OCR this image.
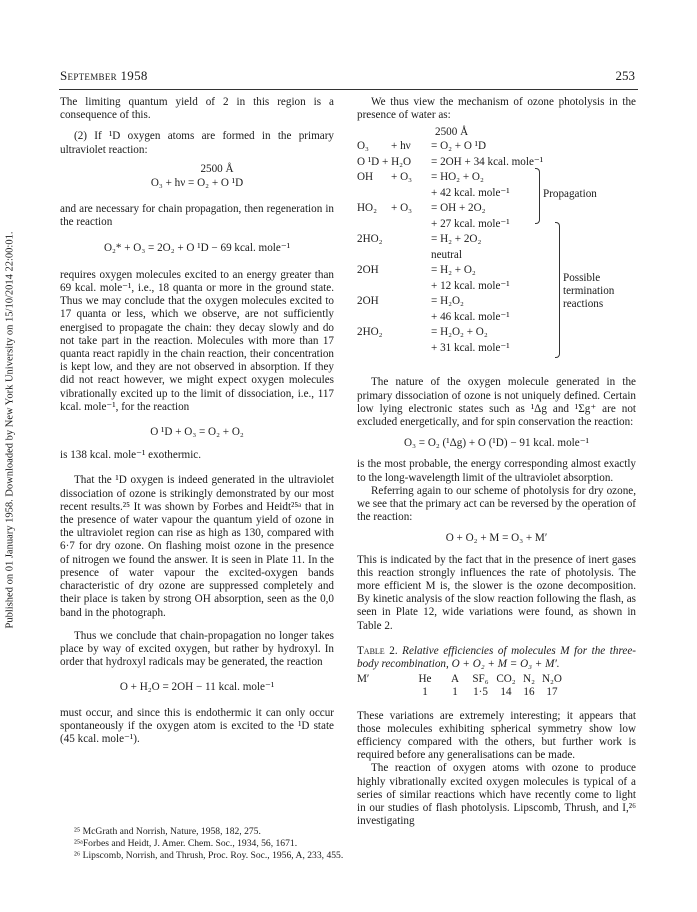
Published on 01 January 1958. Downloaded by New York University on 15/10/2014 22:00:01.
September 1958	253

The limiting quantum yield of 2 in this region is a consequence of this.

(2) If ¹D oxygen atoms are formed in the primary ultraviolet reaction:

2500 Å
O₃ + hν = O₂ + O ¹D

and are necessary for chain propagation, then regeneration in the reaction

O₂* + O₃ = 2O₂ + O ¹D − 69 kcal. mole⁻¹

requires oxygen molecules excited to an energy greater than 69 kcal. mole⁻¹, i.e., 18 quanta or more in the ground state. Thus we may conclude that the oxygen molecules excited to 17 quanta or less, which we observe, are not sufficiently energised to propagate the chain: they decay slowly and do not take part in the reaction. Molecules with more than 17 quanta react rapidly in the chain reaction, their concentration is kept low, and they are not observed in absorption. If they did not react however, we might expect oxygen molecules vibrationally excited up to the limit of dissociation, i.e., 117 kcal. mole⁻¹, for the reaction

O ¹D + O₃ = O₂ + O₂

is 138 kcal. mole⁻¹ exothermic.

That the ¹D oxygen is indeed generated in the ultraviolet dissociation of ozone is strikingly demonstrated by our most recent results.²⁵ It was shown by Forbes and Heidt²⁵ᵃ that in the presence of water vapour the quantum yield of ozone in the ultraviolet region can rise as high as 130, compared with 6·7 for dry ozone. On flashing moist ozone in the presence of nitrogen we found the answer. It is seen in Plate 11. In the presence of water vapour the excited-oxygen bands characteristic of dry ozone are suppressed completely and their place is taken by strong OH absorption, seen as the 0,0 band in the photograph.

Thus we conclude that chain-propagation no longer takes place by way of excited oxygen, but rather by hydroxyl. In order that hydroxyl radicals may be generated, the reaction

O + H₂O = 2OH − 11 kcal. mole⁻¹

must occur, and since this is endothermic it can only occur spontaneously if the oxygen atom is excited to the ¹D state (45 kcal. mole⁻¹).

We thus view the mechanism of ozone photolysis in the presence of water as:

2500 Å
O₃ + hν = O₂ + O ¹D
O ¹D + H₂O = 2OH + 34 kcal. mole⁻¹
OH + O₃ = HO₂ + O₂
+ 42 kcal. mole⁻¹
HO₂ + O₃ = OH + 2O₂
+ 27 kcal. mole⁻¹
2HO₂	= H₂ + 2O₂
neutral
2OH	= H₂ + O₂
+ 12 kcal. mole⁻¹
2OH	= H₂O₂
+ 46 kcal. mole⁻¹
2HO₂	= H₂O₂ + O₂
+ 31 kcal. mole⁻¹
Propagation
Possible
termination
reactions

The nature of the oxygen molecule generated in the primary dissociation of ozone is not uniquely defined. Certain low lying electronic states such as ¹Δg and ¹Σg⁺ are not excluded energetically, and for spin conservation the reaction:

O₃ = O₂ (¹Δg) + O (¹D) − 91 kcal. mole⁻¹

is the most probable, the energy corresponding almost exactly to the long-wavelength limit of the ultraviolet absorption.

Referring again to our scheme of photolysis for dry ozone, we see that the primary act can be reversed by the operation of the reaction:

O + O₂ + M = O₃ + M′

This is indicated by the fact that in the presence of inert gases this reaction strongly influences the rate of photolysis. The more efficient M is, the slower is the ozone decomposition. By kinetic analysis of the slow reaction following the flash, as seen in Plate 12, wide variations were found, as shown in Table 2.

Table 2. Relative efficiencies of molecules M for the three-body recombination, O + O₂ + M = O₃ + M′.

M′	He	A	SF₆ CO₂ N₂ N₂O
1	1	1·5	14	16	17

These variations are extremely interesting; it appears that those molecules exhibiting spherical symmetry show low efficiency compared with the others, but further work is required before any generalisations can be made.

The reaction of oxygen atoms with ozone to produce highly vibrationally excited oxygen molecules is typical of a series of similar reactions which have recently come to light in our studies of flash photolysis. Lipscomb, Thrush, and I,²⁶ investigating

²⁵ McGrath and Norrish, Nature, 1958, 182, 275.
²⁵ᵃForbes and Heidt, J. Amer. Chem. Soc., 1934, 56, 1671.
²⁶ Lipscomb, Norrish, and Thrush, Proc. Roy. Soc., 1956, A, 233, 455.
